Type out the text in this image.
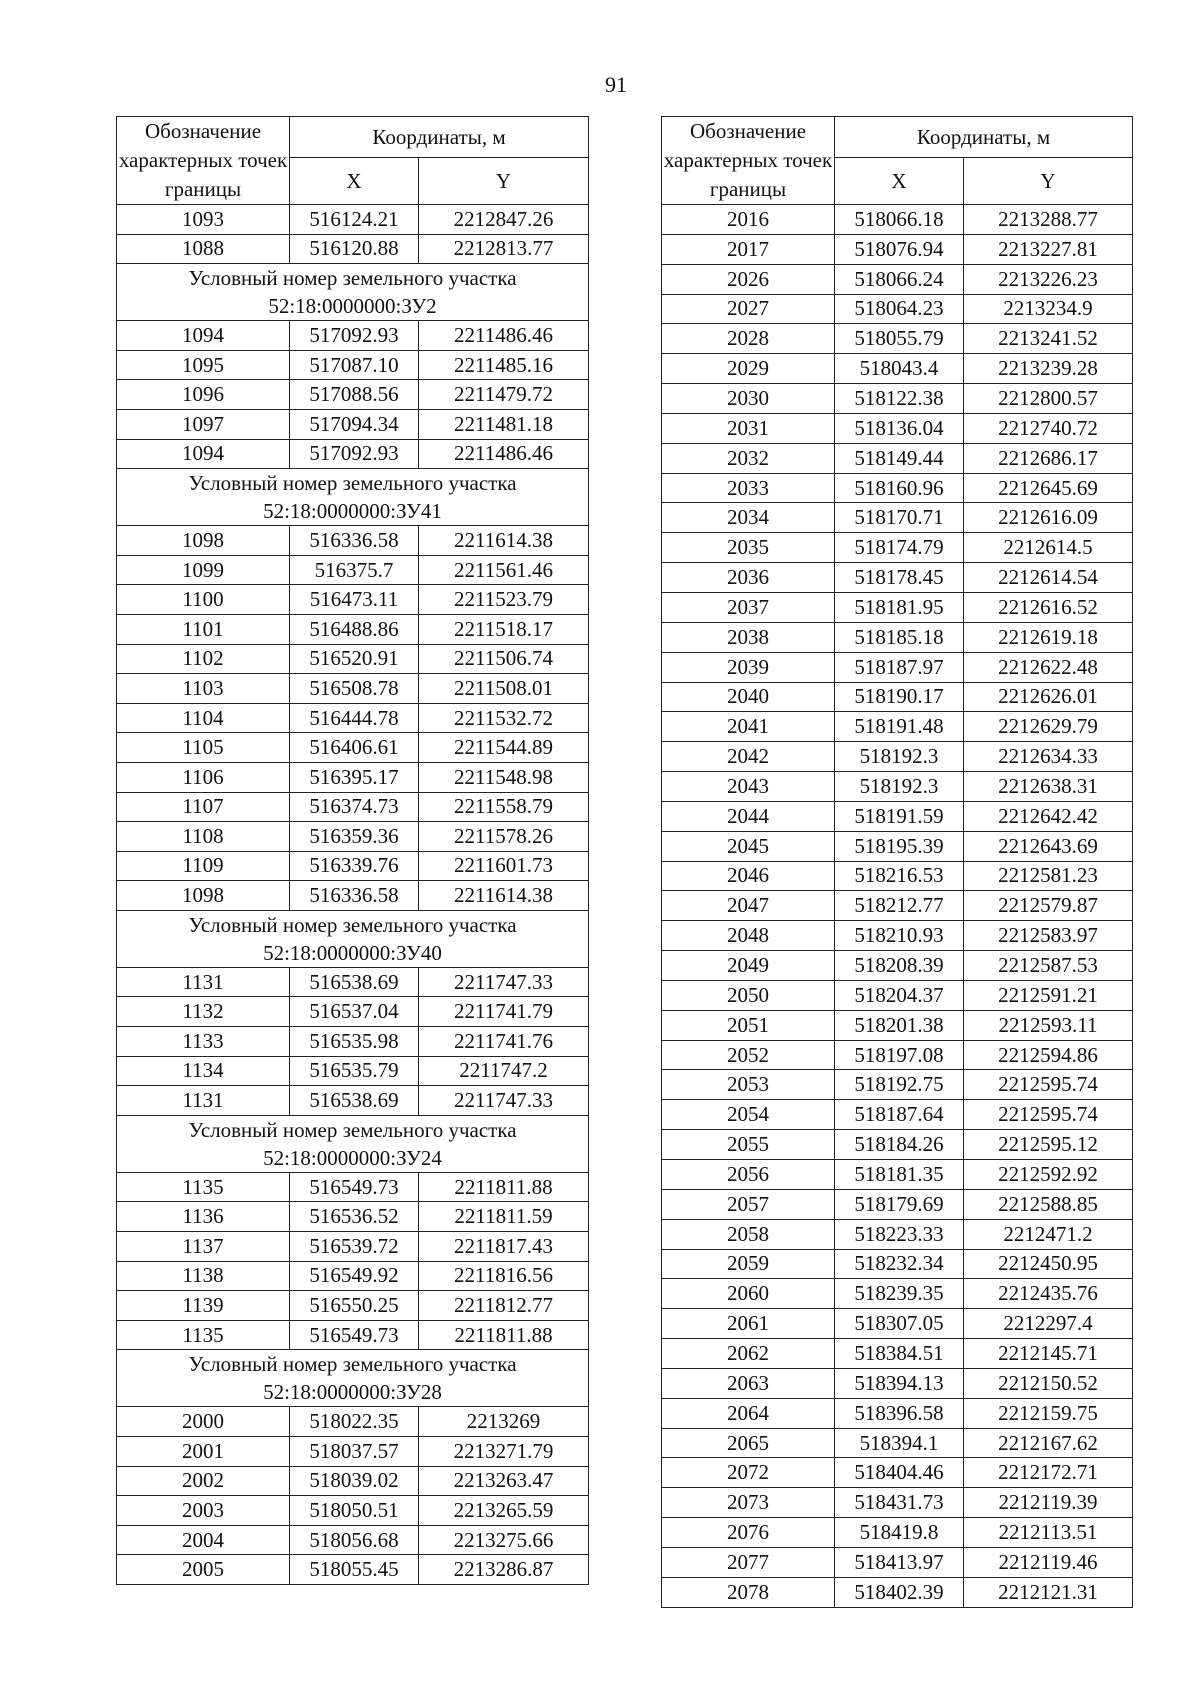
91
Обозначение характерных точек границы	Координаты, м	
	X	Y
1093	516124.21	2212847.26
1088	516120.88	2212813.77

Условный номер земельного участка
52:18:0000000:ЗУ2		

1094	517092.93	2211486.46
1095	517087.10	2211485.16
1096	517088.56	2211479.72
1097	517094.34	2211481.18
1094	517092.93	2211486.46

Условный номер земельного участка
52:18:0000000:ЗУ41		

1098	516336.58	2211614.38
1099	516375.7	2211561.46
1100	516473.11	2211523.79
1101	516488.86	2211518.17
1102	516520.91	2211506.74
1103	516508.78	2211508.01
1104	516444.78	2211532.72
1105	516406.61	2211544.89
1106	516395.17	2211548.98
1107	516374.73	2211558.79
1108	516359.36	2211578.26
1109	516339.76	2211601.73
1098	516336.58	2211614.38

Условный номер земельного участка
52:18:0000000:ЗУ40		

1131	516538.69	2211747.33
1132	516537.04	2211741.79
1133	516535.98	2211741.76
1134	516535.79	2211747.2
1131	516538.69	2211747.33

Условный номер земельного участка
52:18:0000000:ЗУ24		

1135	516549.73	2211811.88
1136	516536.52	2211811.59
1137	516539.72	2211817.43
1138	516549.92	2211816.56
1139	516550.25	2211812.77
1135	516549.73	2211811.88

Условный номер земельного участка
52:18:0000000:ЗУ28		

2000	518022.35	2213269
2001	518037.57	2213271.79
2002	518039.02	2213263.47
2003	518050.51	2213265.59
2004	518056.68	2213275.66
2005	518055.45	2213286.87
Обозначение характерных точек границы	Координаты, м	
	X	Y
2016	518066.18	2213288.77
2017	518076.94	2213227.81
2026	518066.24	2213226.23
2027	518064.23	2213234.9
2028	518055.79	2213241.52
2029	518043.4	2213239.28
2030	518122.38	2212800.57
2031	518136.04	2212740.72
2032	518149.44	2212686.17
2033	518160.96	2212645.69
2034	518170.71	2212616.09
2035	518174.79	2212614.5
2036	518178.45	2212614.54
2037	518181.95	2212616.52
2038	518185.18	2212619.18
2039	518187.97	2212622.48
2040	518190.17	2212626.01
2041	518191.48	2212629.79
2042	518192.3	2212634.33
2043	518192.3	2212638.31
2044	518191.59	2212642.42
2045	518195.39	2212643.69
2046	518216.53	2212581.23
2047	518212.77	2212579.87
2048	518210.93	2212583.97
2049	518208.39	2212587.53
2050	518204.37	2212591.21
2051	518201.38	2212593.11
2052	518197.08	2212594.86
2053	518192.75	2212595.74
2054	518187.64	2212595.74
2055	518184.26	2212595.12
2056	518181.35	2212592.92
2057	518179.69	2212588.85
2058	518223.33	2212471.2
2059	518232.34	2212450.95
2060	518239.35	2212435.76
2061	518307.05	2212297.4
2062	518384.51	2212145.71
2063	518394.13	2212150.52
2064	518396.58	2212159.75
2065	518394.1	2212167.62
2072	518404.46	2212172.71
2073	518431.73	2212119.39
2076	518419.8	2212113.51
2077	518413.97	2212119.46
2078	518402.39	2212121.31
